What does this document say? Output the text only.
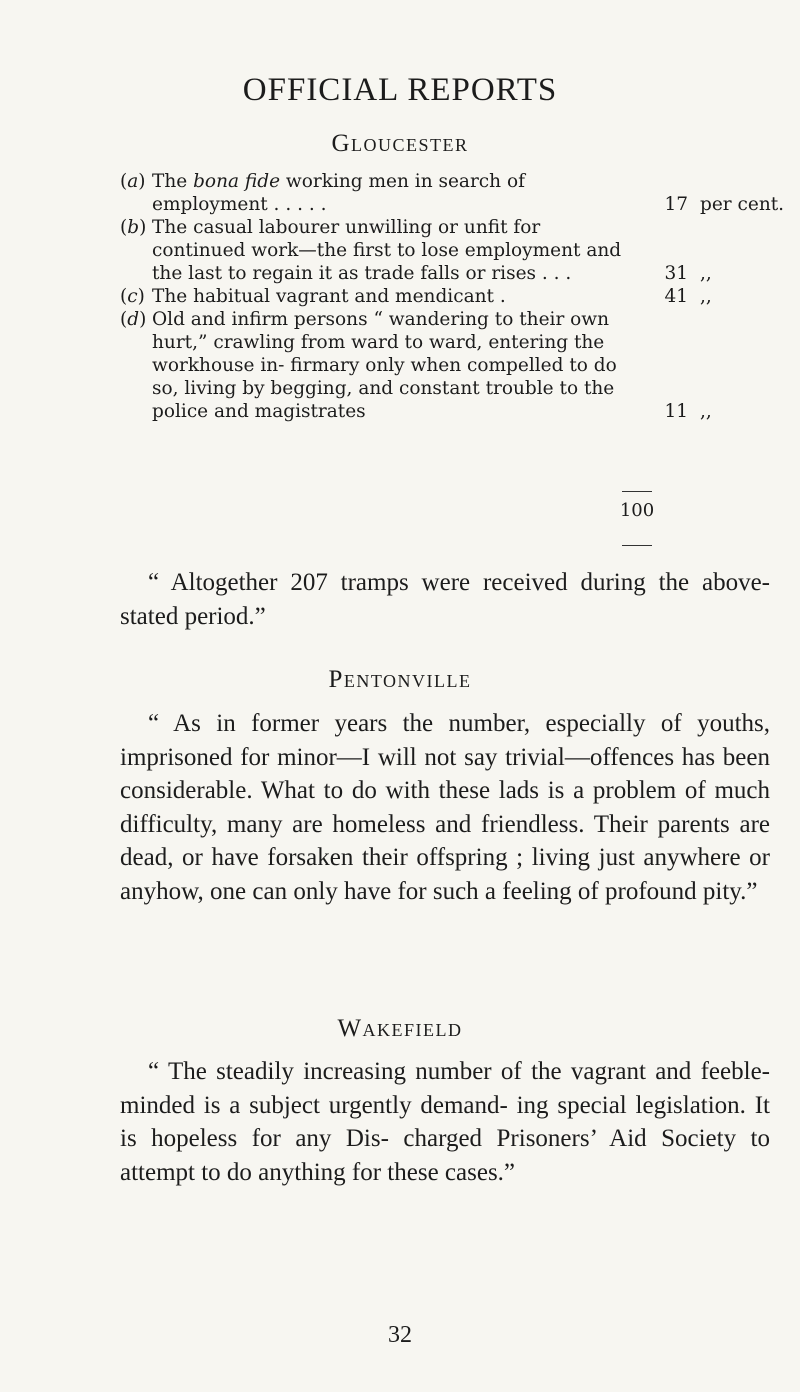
OFFICIAL REPORTS
Gloucester
(a) The bona fide working men in search of employment . . . . .	17 per cent.
(b) The casual labourer unwilling or unfit for continued work—the first to lose employment and the last to regain it as trade falls or rises . . .	31 ,,
(c) The habitual vagrant and mendicant .	41 ,,
(d) Old and infirm persons “ wandering to their own hurt,” crawling from ward to ward, entering the workhouse in- firmary only when compelled to do so, living by begging, and constant trouble to the police and magistrates	11 ,,
100
“ Altogether 207 tramps were received during the above-stated period.”
Pentonville
“ As in former years the number, especially of youths, imprisoned for minor—I will not say trivial—offences has been considerable. What to do with these lads is a problem of much difficulty, many are homeless and friendless. Their parents are dead, or have forsaken their offspring ; living just anywhere or anyhow, one can only have for such a feeling of profound pity.”
Wakefield
“ The steadily increasing number of the vagrant and feeble-minded is a subject urgently demand- ing special legislation. It is hopeless for any Dis- charged Prisoners’ Aid Society to attempt to do anything for these cases.”
32
